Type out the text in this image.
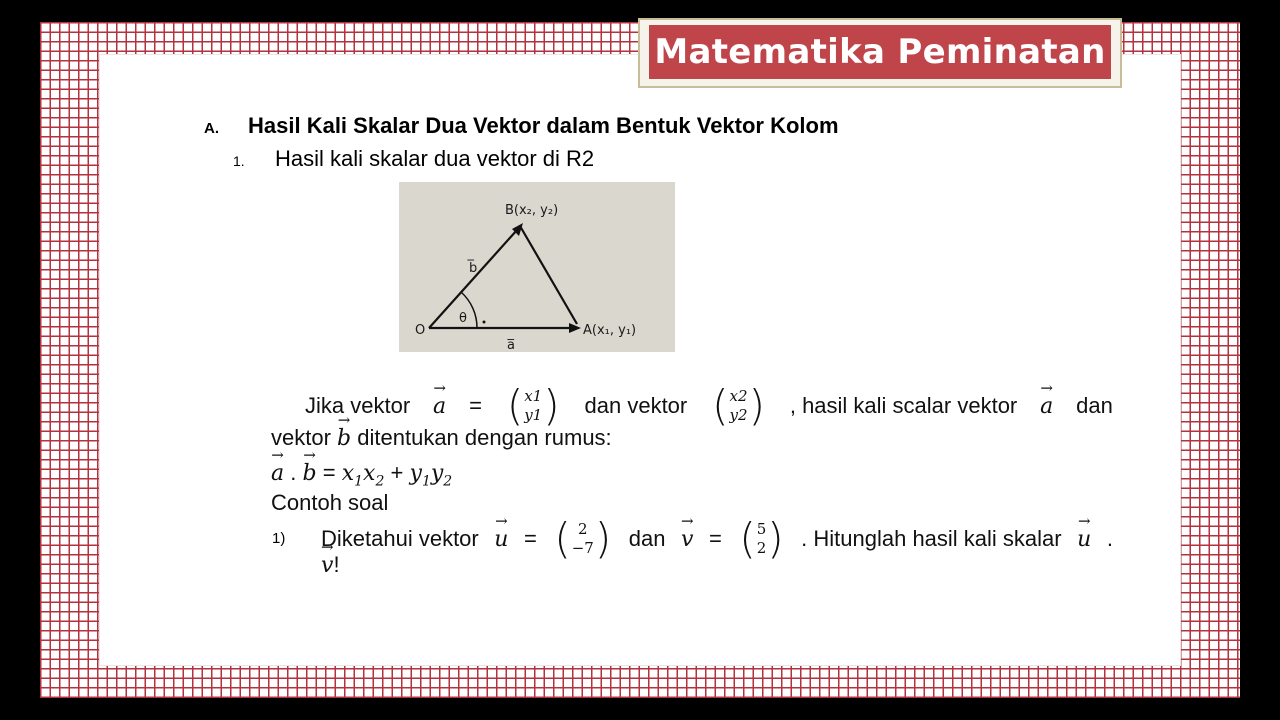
Matematika Peminatan
A.	Hasil Kali Skalar Dua Vektor dalam Bentuk Vektor Kolom
1.	Hasil kali skalar dua vektor di R2
B(x₂, y₂)
A(x₁, y₁)
O
θ
b̅
a̅
Jika vektor → a = ( x1
y1 ) dan vektor ( x2
y2 ) , hasil kali scalar vektor → a dan
vektor → b ditentukan dengan rumus:
→ a . → $b = x_1x_2 + y_1y_2$
Contoh soal
1) Diketahui vektor → u = ( 2
−7 ) dan → v = ( 5
2 ) . Hitunglah hasil kali skalar → u .
→ v!
